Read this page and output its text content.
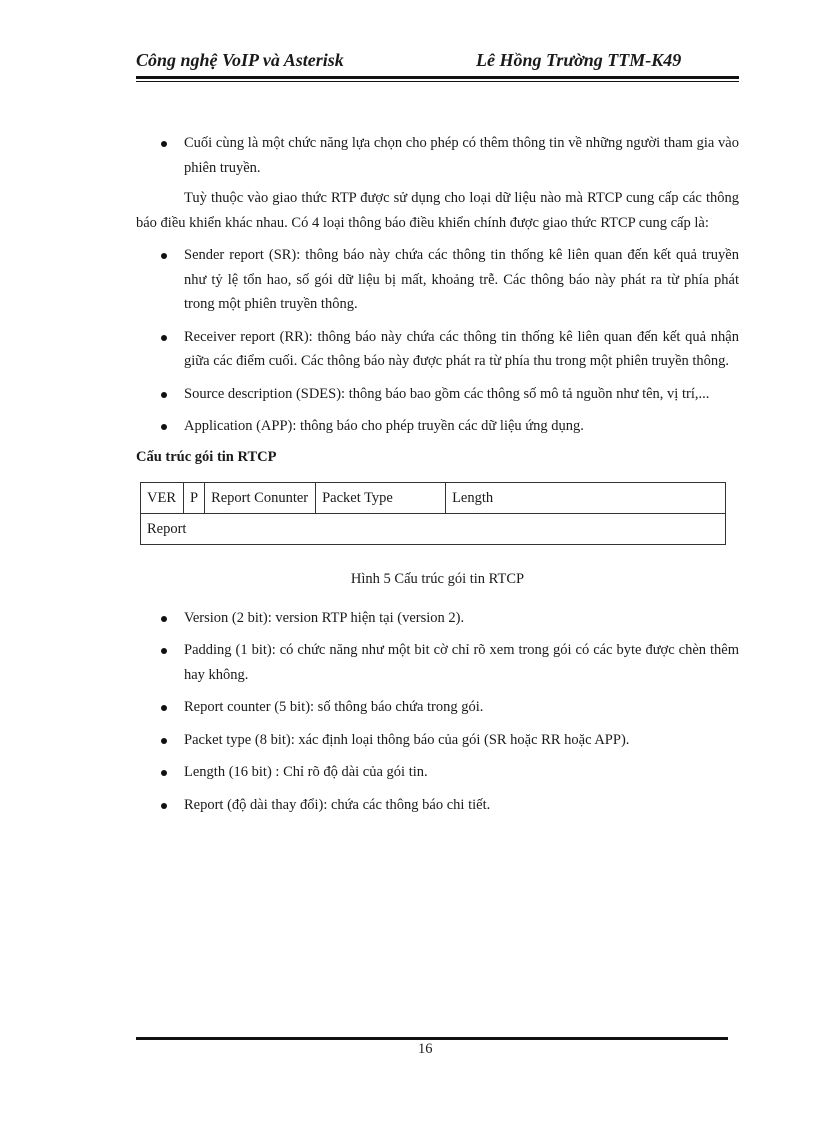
Công nghệ VoIP và Asterisk	Lê Hồng Trường TTM-K49
Cuối cùng là một chức năng lựa chọn cho phép có thêm thông tin về những người tham gia vào phiên truyền.

Tuỳ thuộc vào giao thức RTP được sử dụng cho loại dữ liệu nào mà RTCP cung cấp các thông báo điều khiển khác nhau. Có 4 loại thông báo điều khiển chính được giao thức RTCP cung cấp là:

Sender report (SR): thông báo này chứa các thông tin thống kê liên quan đến kết quả truyền như tỷ lệ tổn hao, số gói dữ liệu bị mất, khoảng trễ. Các thông báo này phát ra từ phía phát trong một phiên truyền thông.
Receiver report (RR): thông báo này chứa các thông tin thống kê liên quan đến kết quả nhận giữa các điểm cuối. Các thông báo này được phát ra từ phía thu trong một phiên truyền thông.
Source description (SDES): thông báo bao gồm các thông số mô tả nguồn như tên, vị trí,...
Application (APP): thông báo cho phép truyền các dữ liệu ứng dụng.
Cấu trúc gói tin RTCP
VER	P	Report Conunter	Packet Type	Length
Report
Hình 5 Cấu trúc gói tin RTCP
Version (2 bit): version RTP hiện tại (version 2).
Padding (1 bit): có chức năng như một bit cờ chỉ rõ xem trong gói có các byte được chèn thêm hay không.
Report counter (5 bit): số thông báo chứa trong gói.
Packet type (8 bit): xác định loại thông báo của gói (SR hoặc RR hoặc APP).
Length (16 bit) : Chỉ rõ độ dài của gói tin.
Report (độ dài thay đổi): chứa các thông báo chi tiết.
16
